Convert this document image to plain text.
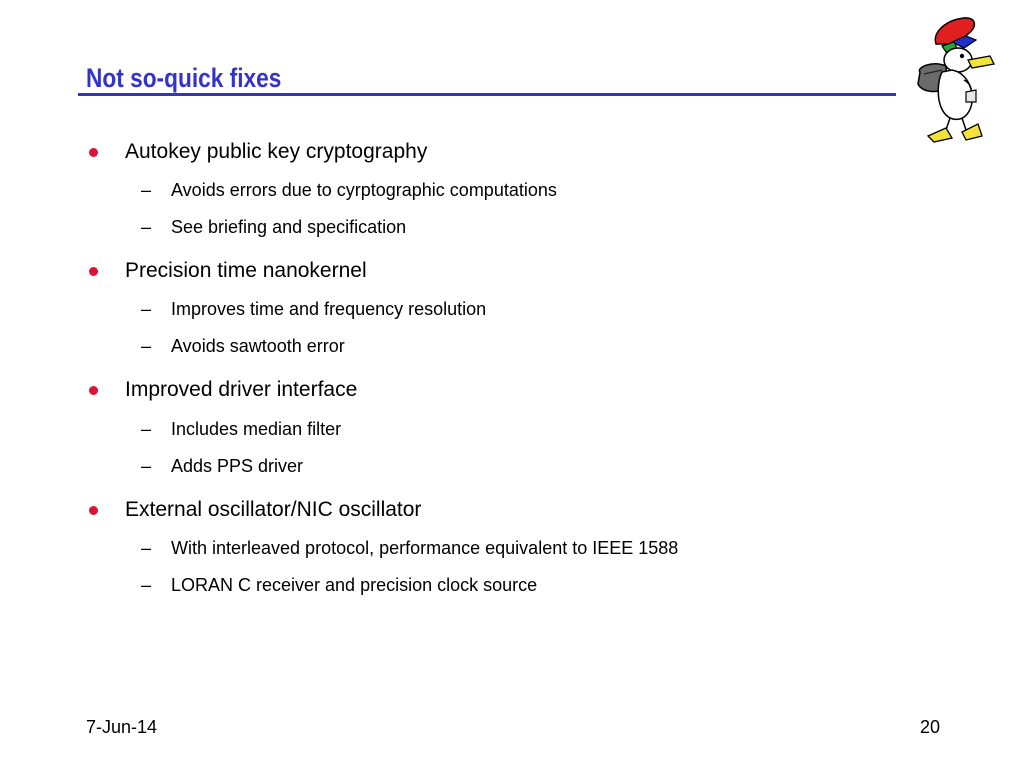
Not so-quick fixes
Autokey public key cryptography
– Avoids errors due to cyrptographic computations
– See briefing and specification
Precision time nanokernel
– Improves time and frequency resolution
– Avoids sawtooth error
Improved driver interface
– Includes median filter
– Adds PPS driver
External oscillator/NIC oscillator
– With interleaved protocol, performance equivalent to IEEE 1588
– LORAN C receiver and precision clock source
7-Jun-14	20
